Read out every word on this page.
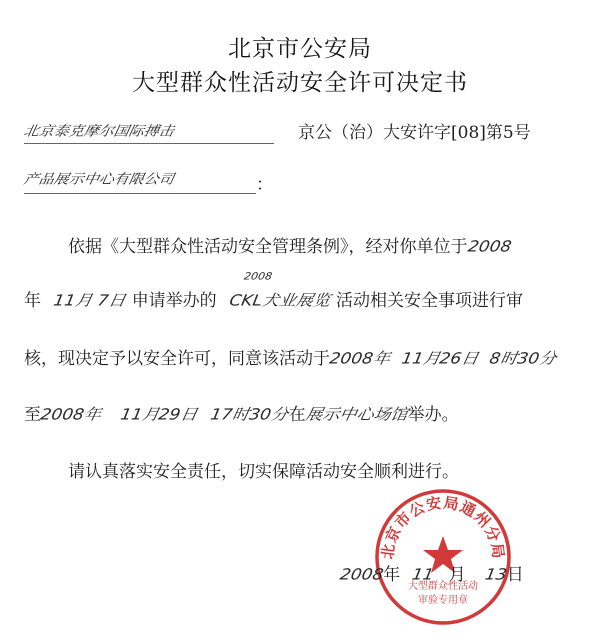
北京市公安局
大型群众性活动安全许可决定书
北京泰克摩尔国际搏击	京公（治）大安许字[08]第5号
产品展示中心有限公司	：
依据《大型群众性活动安全管理条例》，经对你单位于2008
年 11月 7日 申请举办的
2008
CKL犬业展览 活动相关安全事项进行审
核，现决定予以安全许可，同意该活动于2008年 11月26日 8时30分
至2008年 11月29日 17时30分在展示中心场馆举办。
请认真落实安全责任，切实保障活动安全顺利进行。
北京市公安局通州分局
大型群众性活动
审验专用章
2008年 11 月 13日
